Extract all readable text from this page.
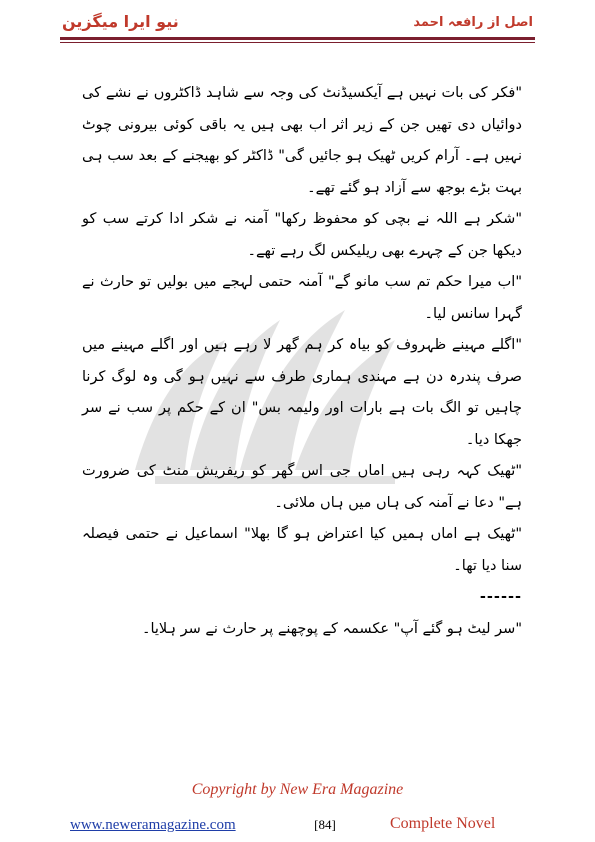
نیو ایرا میگزین	اصل از رافعہ احمد

"فکر کی بات نہیں ہے آیکسیڈنٹ کی وجہ سے شاہد ڈاکٹروں نے نشے کی دوائیاں دی تھیں جن کے زیر اثر اب بھی ہیں یہ باقی کوئی بیرونی چوٹ نہیں ہے۔ آرام کریں ٹھیک ہو جائیں گی" ڈاکٹر کو بھیجنے کے بعد سب ہی بہت بڑے بوجھ سے آزاد ہو گئے تھے۔

"شکر ہے اللہ نے بچی کو محفوظ رکھا" آمنہ نے شکر ادا کرتے سب کو دیکھا جن کے چہرے بھی ریلیکس لگ رہے تھے۔

"اب میرا حکم تم سب مانو گے" آمنہ حتمی لہجے میں بولیں تو حارث نے گہرا سانس لیا۔

"اگلے مہینے ظہروف کو بیاہ کر ہم گھر لا رہے ہیں اور اگلے مہینے میں صرف پندرہ دن ہے مہندی ہماری طرف سے نہیں ہو گی وہ لوگ کرنا چاہیں تو الگ بات ہے بارات اور ولیمہ بس" ان کے حکم پر سب نے سر جھکا دیا۔

"ٹھیک کہہ رہی ہیں اماں جی اس گھر کو ریفریش منٹ کی ضرورت ہے" دعا نے آمنہ کی ہاں میں ہاں ملائی۔

"ٹھیک ہے اماں ہمیں کیا اعتراض ہو گا بھلا" اسماعیل نے حتمی فیصلہ سنا دیا تھا۔

------

"سر لیٹ ہو گئے آپ" عکسمہ کے پوچھنے پر حارث نے سر ہلایا۔

Copyright by New Era Magazine
www.neweramagazine.com	[84]	Complete Novel
